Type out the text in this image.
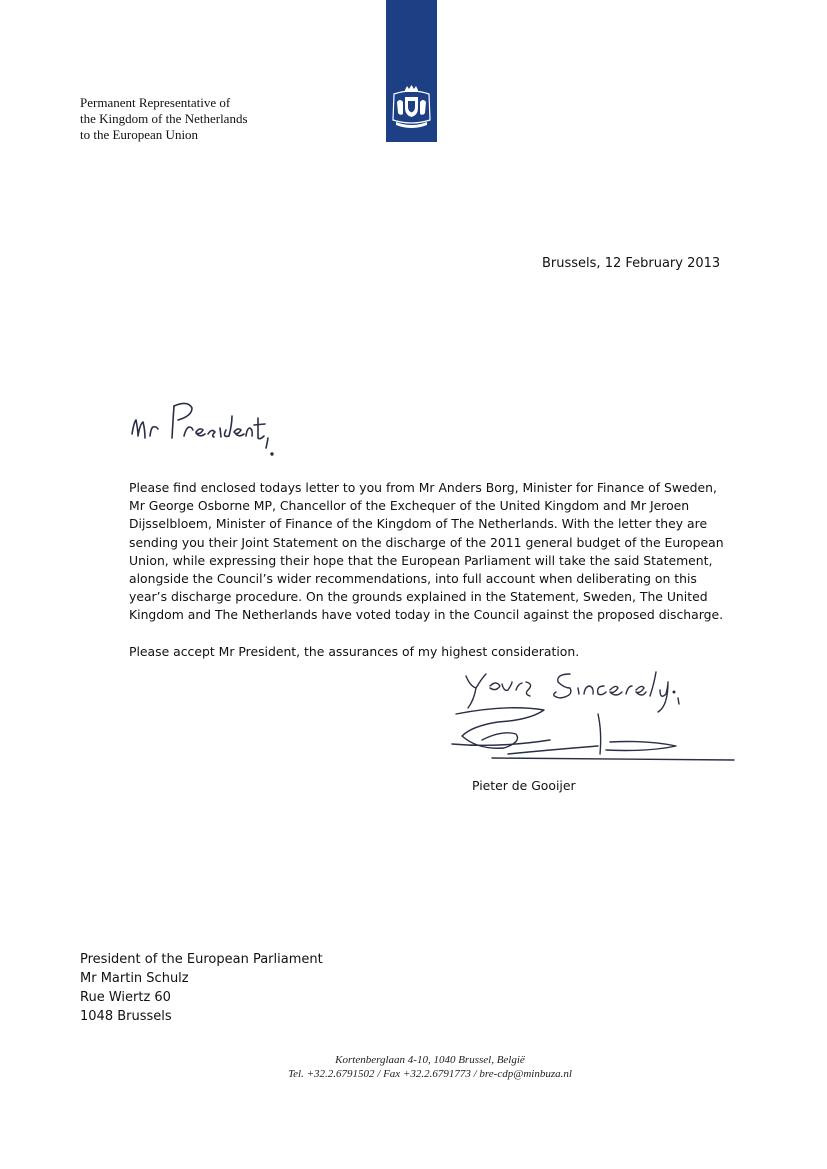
Permanent Representative of
the Kingdom of the Netherlands
to the European Union
Brussels, 12 February 2013

Please find enclosed todays letter to you from Mr Anders Borg, Minister for Finance of Sweden, Mr George Osborne MP, Chancellor of the Exchequer of the United Kingdom and Mr Jeroen Dijsselbloem, Minister of Finance of the Kingdom of The Netherlands. With the letter they are sending you their Joint Statement on the discharge of the 2011 general budget of the European Union, while expressing their hope that the European Parliament will take the said Statement, alongside the Council’s wider recommendations, into full account when deliberating on this year’s discharge procedure. On the grounds explained in the Statement, Sweden, The United Kingdom and The Netherlands have voted today in the Council against the proposed discharge.

Please accept Mr President, the assurances of my highest consideration.

Pieter de Gooijer
President of the European Parliament
Mr Martin Schulz
Rue Wiertz 60
1048 Brussels
Kortenberglaan 4-10, 1040 Brussel, België
Tel. +32.2.6791502 / Fax +32.2.6791773 / bre-cdp@minbuza.nl
